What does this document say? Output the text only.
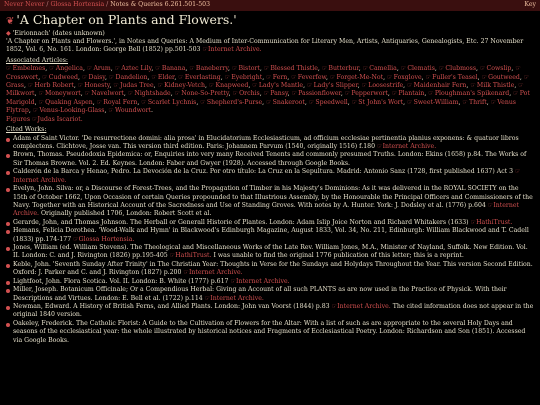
Never Never / Glossa Hortensia / Notes & Queries 6.261.501-503	Key
❦ 'A Chapter on Plants and Flowers.'
◆ 'Eirionnach' (dates unknown)
'A Chapter on Plants and Flowers.', in Notes and Queries: A Medium of Inter-Communication for Literary Men, Artists, Antiquaries, Genealogists, Etc. 27 November 1852, Vol. 6, No. 161. London: George Bell (1852) pp.501-503 ☞Internet Archive.
Associated Articles:
☞Embelmes, ☞Angelica, ☞Arum, ☞Aztec Lily, ☞Banana, ☞Baneberry, ☞Bistort, ☞Blessed Thistle, ☞Butterbur, ☞Camellia, ☞Clematis, ☞Clubmoss, ☞Cowslip, ☞Crosswort, ☞Cudweed, ☞Daisy, ☞Dandelion, ☞Elder, ☞Everlasting, ☞Eyebright, ☞Fern, ☞Feverfew, ☞Forget-Me-Not, ☞Foxglove, ☞Fuller's Teasel, ☞Goutweed, ☞Grass, ☞Herb Robert, ☞Honesty, ☞Judas Tree, ☞Kidney-Vetch, ☞Knapweed, ☞Lady's Mantle, ☞Lady's Slipper, ☞Loosestrife, ☞Maidenhair Fern, ☞Milk Thistle, ☞Milkwort, ☞Moneywort, ☞Navelwort, ☞Nightshade, ☞None-So-Pretty, ☞Orchis, ☞Pansy, ☞Passionflower, ☞Pepperwort, ☞Plantain, ☞Ploughman's Spikenard, ☞Pot Marigold, ☞Quaking Aspen, ☞Royal Fern, ☞Scarlet Lychnis, ☞Shepherd's-Purse, ☞Snakeroot, ☞Speedwell, ☞St John's Wort, ☞Sweet-William, ☞Thrift, ☞Venus Flytrap, ☞Venus-Looking-Glass, ☞Woundwort.
Figures ☞Judas Iscariot.
Cited Works:
Adam of Saint Victor. 'De resurrectione domini: alia prosa' in Elucidatorium Ecclesiasticum, ad officium ecclesiae pertinentia planius exponens: & quatuor libros complectens. Clichtove, Josse van. This version third edition. Paris: Johannem Parvum (1540, originally 1516) f.180 ☞Internet Archive.
Brown, Thomas. Pseudodoxia Epidemica: or, Enquiries into very many Received Tenents and commonly presumed Truths. London: Ekins (1658) p.84. The Works of Sir Thomas Browne. Vol. 2. Ed. Keynes. London: Faber and Gwyer (1928). Accessed through Google Books.
Calderón de la Barca y Henao, Pedro. La Devoción de la Cruz. Por otro título: La Cruz en la Sepultura. Madrid: Antonio Sanz (1728, first published 1637) Act 3 ☞Internet Archive.
Evelyn, John. Silva: or, a Discourse of Forest-Trees, and the Propagation of Timber in his Majesty's Dominions: As it was delivered in the ROYAL SOCIETY on the 15th of October 1662, Upon Occasion of certain Queries propounded to that Illustrious Assembly, by the Honourable the Principal Officers and Commissioners of the Navy. Together with an Historical Account of the Sacredness and Use of Standing Groves. With notes by A. Hunter. York: J. Dodsley et al. (1776) p.604 ☞Internet Archive. Originally published 1706, London: Robert Scott et al.
Gerarde, John, and Thomas Johnson. The Herball or Generall Historie of Plantes. London: Adam Islip Joice Norton and Richard Whitakers (1633) ☞HathiTrust.
Hemans, Felicia Dorothea. 'Wood-Walk and Hymn' in Blackwood's Edinburgh Magazine, August 1833, Vol. 34, No. 211, Edinburgh: William Blackwood and T. Cadell (1833) pp.174-177 ☞Glossa Hortensia.
Jones, William (ed. William Stevens). The Theological and Miscellaneous Works of the Late Rev. William Jones, M.A., Minister of Nayland, Suffolk. New Edition. Vol. II. London: C. and J. Rivington (1826) pp.195-405 ☞HathiTrust. I was unable to find the original 1776 publication of this letter; this is a reprint.
Keble, John. 'Seventh Sunday After Trinity' in The Christian Year: Thoughts in Verse for the Sundays and Holydays Throughout the Year. This version Second Edition. Oxford: J. Parker and C. and J. Rivington (1827) p.200 ☞Internet Archive.
Lightfoot, John. Flora Scotica. Vol. II. London: B. White (1777) p.617 ☞Internet Archive.
Miller, Joseph. Botanicum Officinale; Or a Compendious Herbal: Giving an Account of all such PLANTS as are now used in the Practice of Physick. With their Descriptions and Virtues. London: E. Bell et al. (1722) p.114 ☞Internet Archive.
Newman, Edward. A History of British Ferns, and Allied Plants. London: John van Voorst (1844) p.83 ☞Internet Archive. The cited information does not appear in the original 1840 version.
Oakeley, Frederick. The Catholic Florist: A Guide to the Cultivation of Flowers for the Altar: With a list of such as are appropriate to the several Holy Days and seasons of the ecclesiastical year: the whole illustrated by historical notices and Fragments of Ecclesiastical Poetry. London: Richardson and Son (1851). Accessed via Google Books.
